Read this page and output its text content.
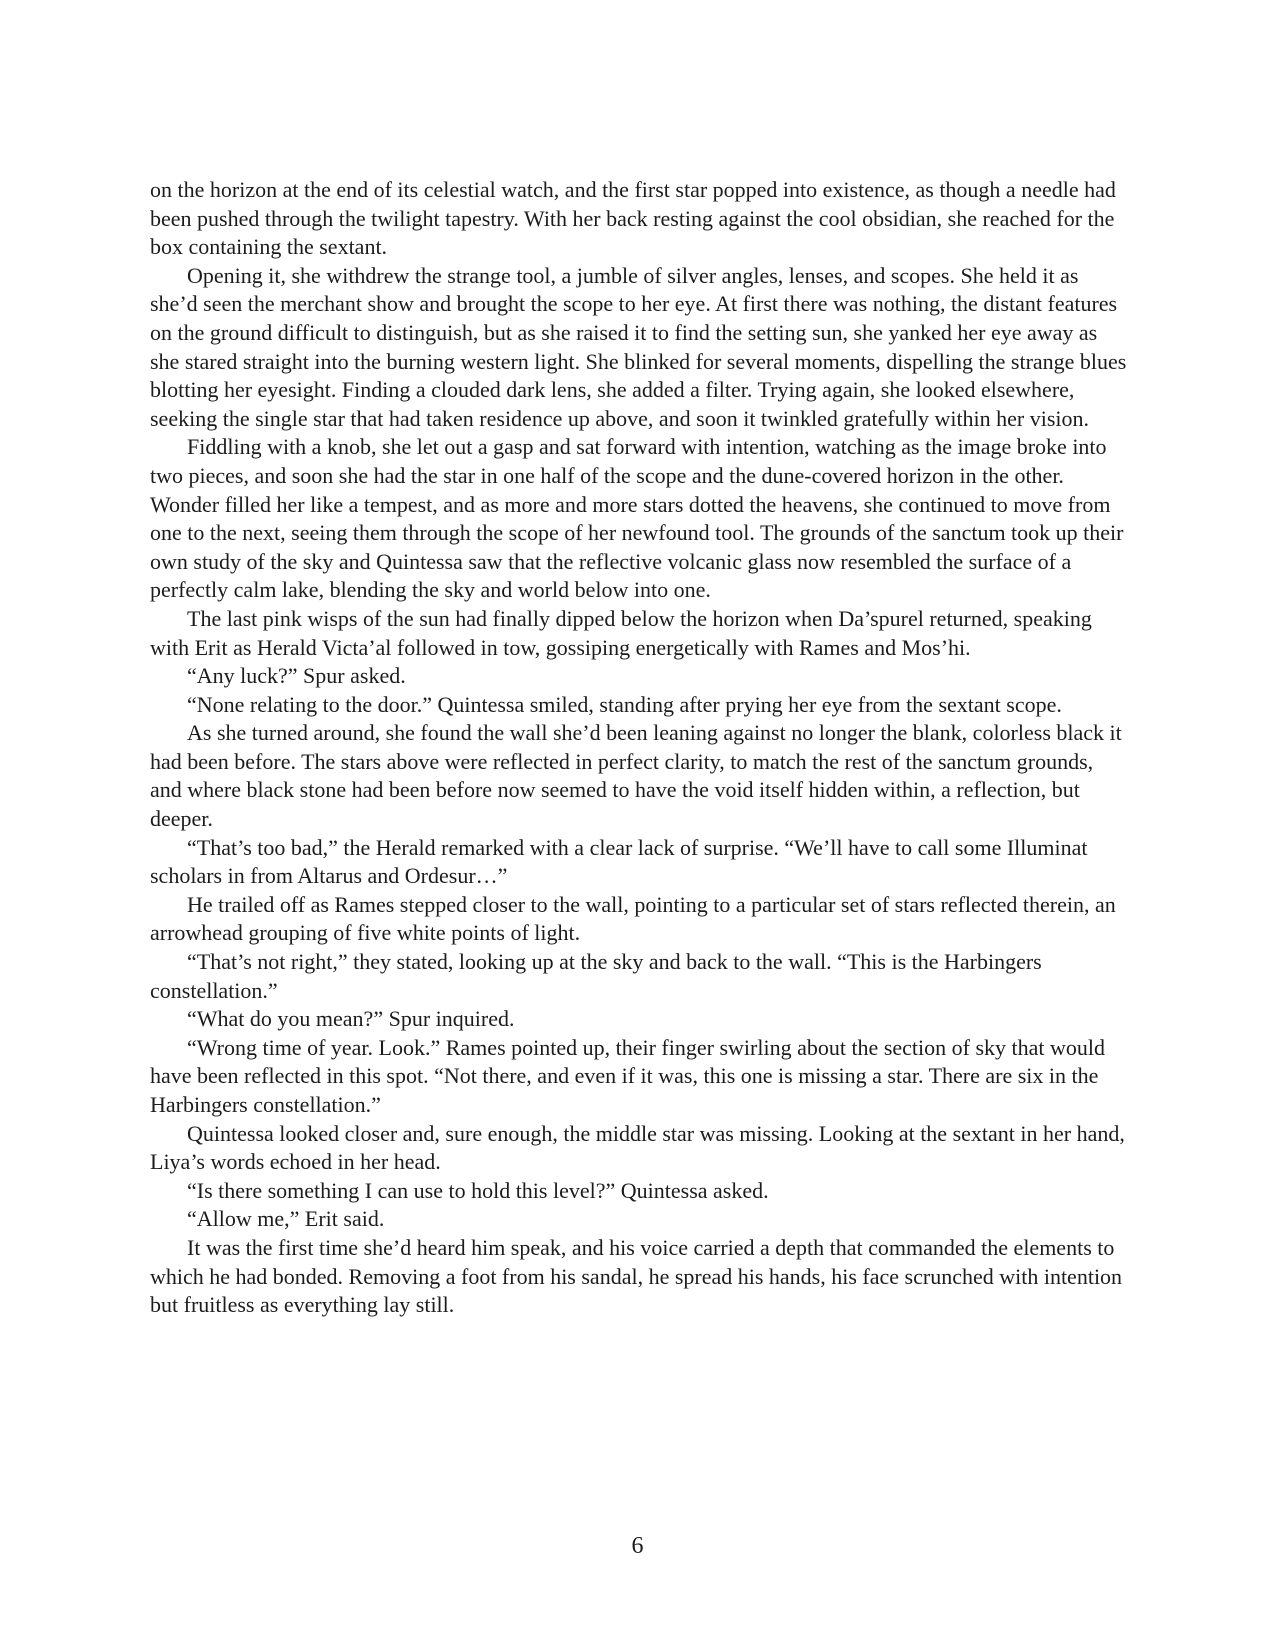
on the horizon at the end of its celestial watch, and the first star popped into existence, as though a needle had been pushed through the twilight tapestry. With her back resting against the cool obsidian, she reached for the box containing the sextant.

Opening it, she withdrew the strange tool, a jumble of silver angles, lenses, and scopes. She held it as she’d seen the merchant show and brought the scope to her eye. At first there was nothing, the distant features on the ground difficult to distinguish, but as she raised it to find the setting sun, she yanked her eye away as she stared straight into the burning western light. She blinked for several moments, dispelling the strange blues blotting her eyesight. Finding a clouded dark lens, she added a filter. Trying again, she looked elsewhere, seeking the single star that had taken residence up above, and soon it twinkled gratefully within her vision.

Fiddling with a knob, she let out a gasp and sat forward with intention, watching as the image broke into two pieces, and soon she had the star in one half of the scope and the dune-covered horizon in the other. Wonder filled her like a tempest, and as more and more stars dotted the heavens, she continued to move from one to the next, seeing them through the scope of her newfound tool. The grounds of the sanctum took up their own study of the sky and Quintessa saw that the reflective volcanic glass now resembled the surface of a perfectly calm lake, blending the sky and world below into one.

The last pink wisps of the sun had finally dipped below the horizon when Da’spurel returned, speaking with Erit as Herald Victa’al followed in tow, gossiping energetically with Rames and Mos’hi.

“Any luck?” Spur asked.

“None relating to the door.” Quintessa smiled, standing after prying her eye from the sextant scope.

As she turned around, she found the wall she’d been leaning against no longer the blank, colorless black it had been before. The stars above were reflected in perfect clarity, to match the rest of the sanctum grounds, and where black stone had been before now seemed to have the void itself hidden within, a reflection, but deeper.

“That’s too bad,” the Herald remarked with a clear lack of surprise. “We’ll have to call some Illuminat scholars in from Altarus and Ordesur…”

He trailed off as Rames stepped closer to the wall, pointing to a particular set of stars reflected therein, an arrowhead grouping of five white points of light.

“That’s not right,” they stated, looking up at the sky and back to the wall. “This is the Harbingers constellation.”

“What do you mean?” Spur inquired.

“Wrong time of year. Look.” Rames pointed up, their finger swirling about the section of sky that would have been reflected in this spot. “Not there, and even if it was, this one is missing a star. There are six in the Harbingers constellation.”

Quintessa looked closer and, sure enough, the middle star was missing. Looking at the sextant in her hand, Liya’s words echoed in her head.

“Is there something I can use to hold this level?” Quintessa asked.

“Allow me,” Erit said.

It was the first time she’d heard him speak, and his voice carried a depth that commanded the elements to which he had bonded. Removing a foot from his sandal, he spread his hands, his face scrunched with intention but fruitless as everything lay still.

6
